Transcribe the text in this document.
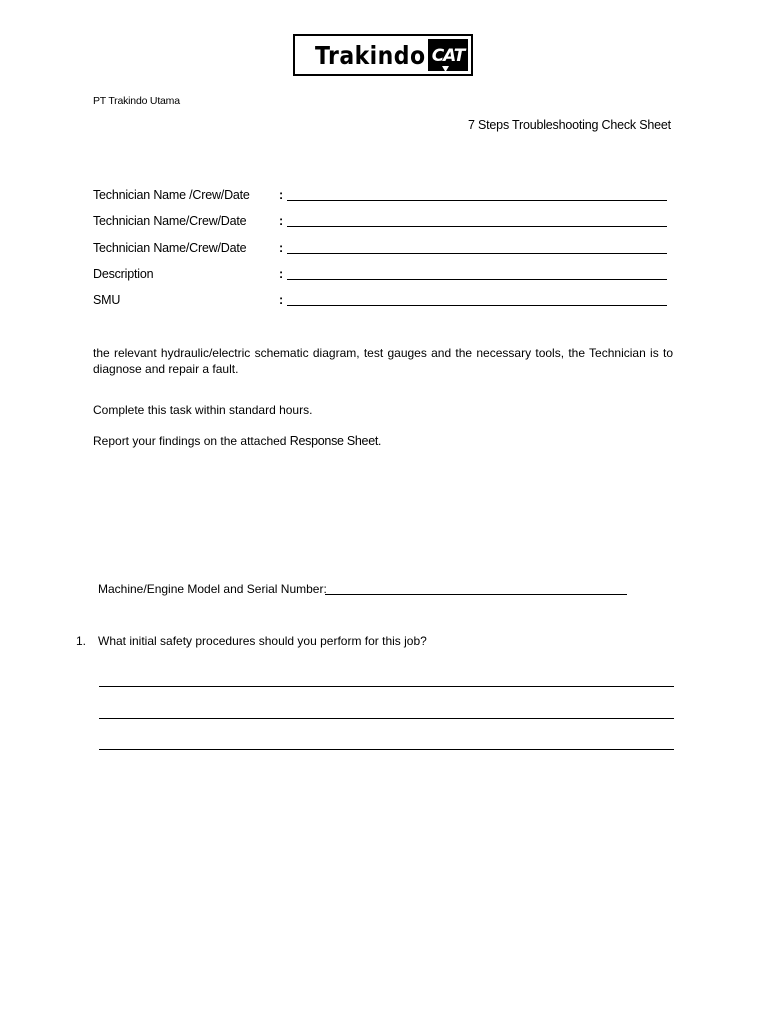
Trakindo CAT
PT Trakindo Utama
7 Steps Troubleshooting Check Sheet
Technician Name /Crew/Date :
Technician Name/Crew/Date	:
Technician Name/Crew/Date	:
Description	:
SMU	:
the relevant hydraulic/electric schematic diagram, test gauges and the necessary tools, the Technician is to diagnose and repair a fault.
Complete this task within standard hours.
Report your findings on the attached Response Sheet.
Machine/Engine Model and Serial Number:
1. What initial safety procedures should you perform for this job?
